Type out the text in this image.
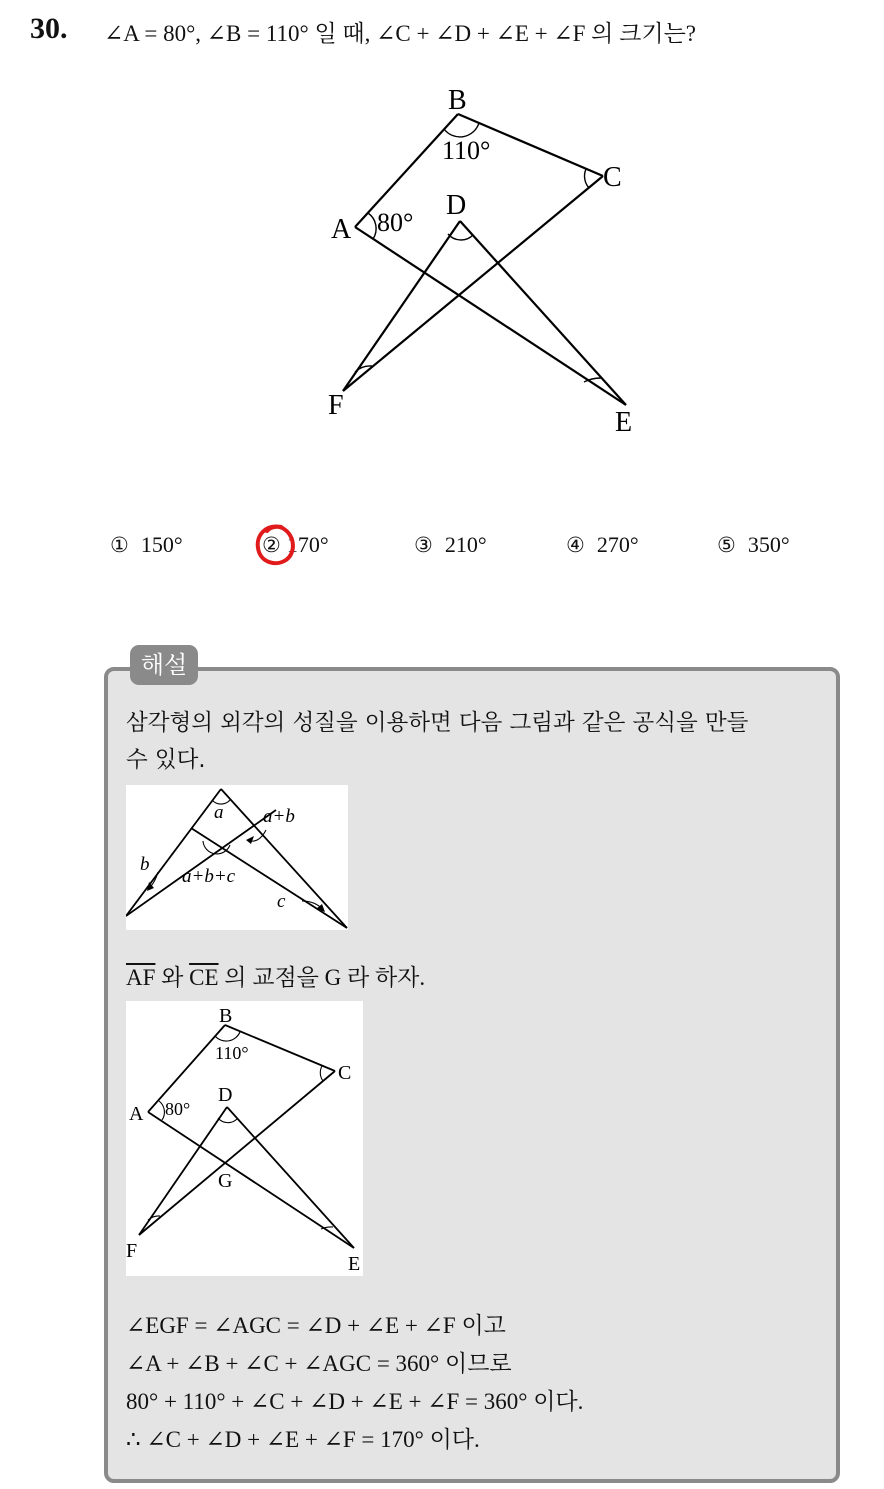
30. ∠A = 80°, ∠B = 110° 일 때, ∠C + ∠D + ∠E + ∠F 의 크기는?
B
C
A
D
F
E
110°
80°
① 150°	② 170°	③ 210°	④ 270°	⑤ 350°
해설
삼각형의 외각의 성질을 이용하면 다음 그림과 같은 공식을 만들
수 있다.
a a+b
b
a+b+c
c
$\overline{AF}$ 와 $\overline{CE}$ 의 교점을 G 라 하자.
B
C
A
D
G
F
E
110°
80°
∠EGF = ∠AGC = ∠D + ∠E + ∠F 이고
∠A + ∠B + ∠C + ∠AGC = 360° 이므로
80° + 110° + ∠C + ∠D + ∠E + ∠F = 360° 이다.
∴ ∠C + ∠D + ∠E + ∠F = 170° 이다.
